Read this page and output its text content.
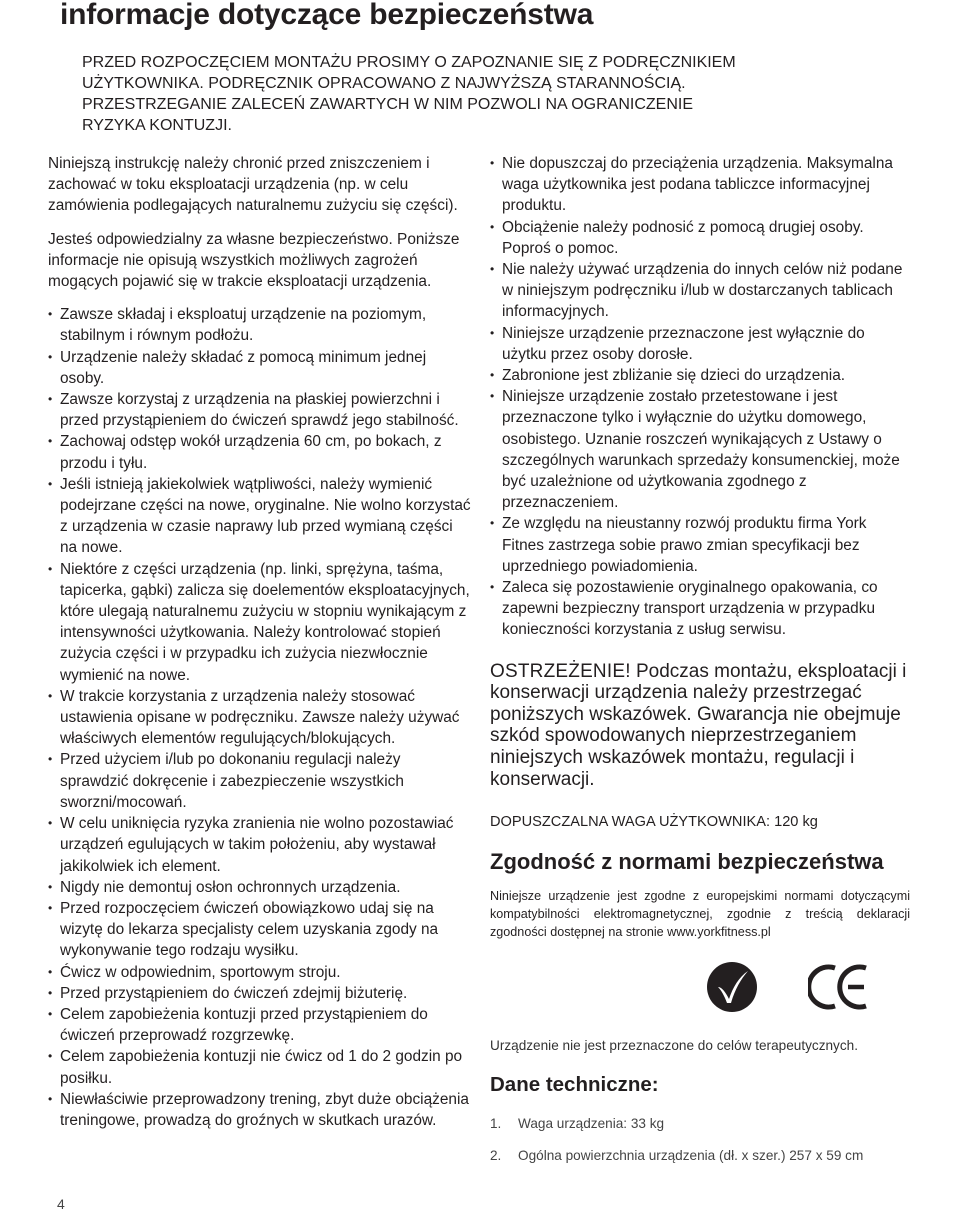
informacje dotyczące bezpieczeństwa
PRZED ROZPOCZĘCIEM MONTAŻU PROSIMY O ZAPOZNANIE SIĘ Z PODRĘCZNIKIEM
UŻYTKOWNIKA. PODRĘCZNIK OPRACOWANO Z NAJWYŻSZĄ STARANNOŚCIĄ.
PRZESTRZEGANIE ZALECEŃ ZAWARTYCH W NIM POZWOLI NA OGRANICZENIE
RYZYKA KONTUZJI.

Niniejszą instrukcję należy chronić przed zniszczeniem i zachować w toku eksploatacji urządzenia (np. w celu zamówienia podlegających naturalnemu zużyciu się części).

Jesteś odpowiedzialny za własne bezpieczeństwo. Poniższe informacje nie opisują wszystkich możliwych zagrożeń mogących pojawić się w trakcie eksploatacji urządzenia.

• Zawsze składaj i eksploatuj urządzenie na poziomym, stabilnym i równym podłożu.
• Urządzenie należy składać z pomocą minimum jednej osoby.
• Zawsze korzystaj z urządzenia na płaskiej powierzchni i przed przystąpieniem do ćwiczeń sprawdź jego stabilność.
• Zachowaj odstęp wokół urządzenia 60 cm, po bokach, z przodu i tyłu.
• Jeśli istnieją jakiekolwiek wątpliwości, należy wymienić podejrzane części na nowe, oryginalne. Nie wolno korzystać z urządzenia w czasie naprawy lub przed wymianą części na nowe.
• Niektóre z części urządzenia (np. linki, sprężyna, taśma, tapicerka, gąbki) zalicza się doelementów eksploatacyjnych, które ulegają naturalnemu zużyciu w stopniu wynikającym z intensywności użytkowania. Należy kontrolować stopień zużycia części i w przypadku ich zużycia niezwłocznie wymienić na nowe.
• W trakcie korzystania z urządzenia należy stosować ustawienia opisane w podręczniku. Zawsze należy używać właściwych elementów regulujących/blokujących.
• Przed użyciem i/lub po dokonaniu regulacji należy sprawdzić dokręcenie i zabezpieczenie wszystkich sworzni/mocowań.
• W celu uniknięcia ryzyka zranienia nie wolno pozostawiać urządzeń egulujących w takim położeniu, aby wystawał jakikolwiek ich element.
• Nigdy nie demontuj osłon ochronnych urządzenia.
• Przed rozpoczęciem ćwiczeń obowiązkowo udaj się na wizytę do lekarza specjalisty celem uzyskania zgody na wykonywanie tego rodzaju wysiłku.
• Ćwicz w odpowiednim, sportowym stroju.
• Przed przystąpieniem do ćwiczeń zdejmij biżuterię.
• Celem zapobieżenia kontuzji przed przystąpieniem do ćwiczeń przeprowadź rozgrzewkę.
• Celem zapobieżenia kontuzji nie ćwicz od 1 do 2 godzin po posiłku.
• Niewłaściwie przeprowadzony trening, zbyt duże obciążenia treningowe, prowadzą do groźnych w skutkach urazów.
• Nie dopuszczaj do przeciążenia urządzenia. Maksymalna waga użytkownika jest podana tabliczce informacyjnej produktu.
• Obciążenie należy podnosić z pomocą drugiej osoby. Poproś o pomoc.
• Nie należy używać urządzenia do innych celów niż podane w niniejszym podręczniku i/lub w dostarczanych tablicach informacyjnych.
• Niniejsze urządzenie przeznaczone jest wyłącznie do użytku przez osoby dorosłe.
• Zabronione jest zbliżanie się dzieci do urządzenia.
• Niniejsze urządzenie zostało przetestowane i jest przeznaczone tylko i wyłącznie do użytku domowego, osobistego. Uznanie roszczeń wynikających z Ustawy o szczególnych warunkach sprzedaży konsumenckiej, może być uzależnione od użytkowania zgodnego z przeznaczeniem.
• Ze względu na nieustanny rozwój produktu firma York Fitnes zastrzega sobie prawo zmian specyfikacji bez uprzedniego powiadomienia.
• Zaleca się pozostawienie oryginalnego opakowania, co zapewni bezpieczny transport urządzenia w przypadku konieczności korzystania z usług serwisu.

OSTRZEŻENIE! Podczas montażu, eksploatacji i konserwacji urządzenia należy przestrzegać poniższych wskazówek. Gwarancja nie obejmuje szkód spowodowanych nieprzestrzeganiem niniejszych wskazówek montażu, regulacji i konserwacji.

DOPUSZCZALNA WAGA UŻYTKOWNIKA: 120 kg

Zgodność z normami bezpieczeństwa

Niniejsze urządzenie jest zgodne z europejskimi normami dotyczącymi kompatybilności elektromagnetycznej, zgodnie z treścią deklaracji zgodności dostępnej na stronie www.yorkfitness.pl

Urządzenie nie jest przeznaczone do celów terapeutycznych.

Dane techniczne:
1.	Waga urządzenia: 33 kg
2.	Ogólna powierzchnia urządzenia (dł. x szer.) 257 x 59 cm
4
